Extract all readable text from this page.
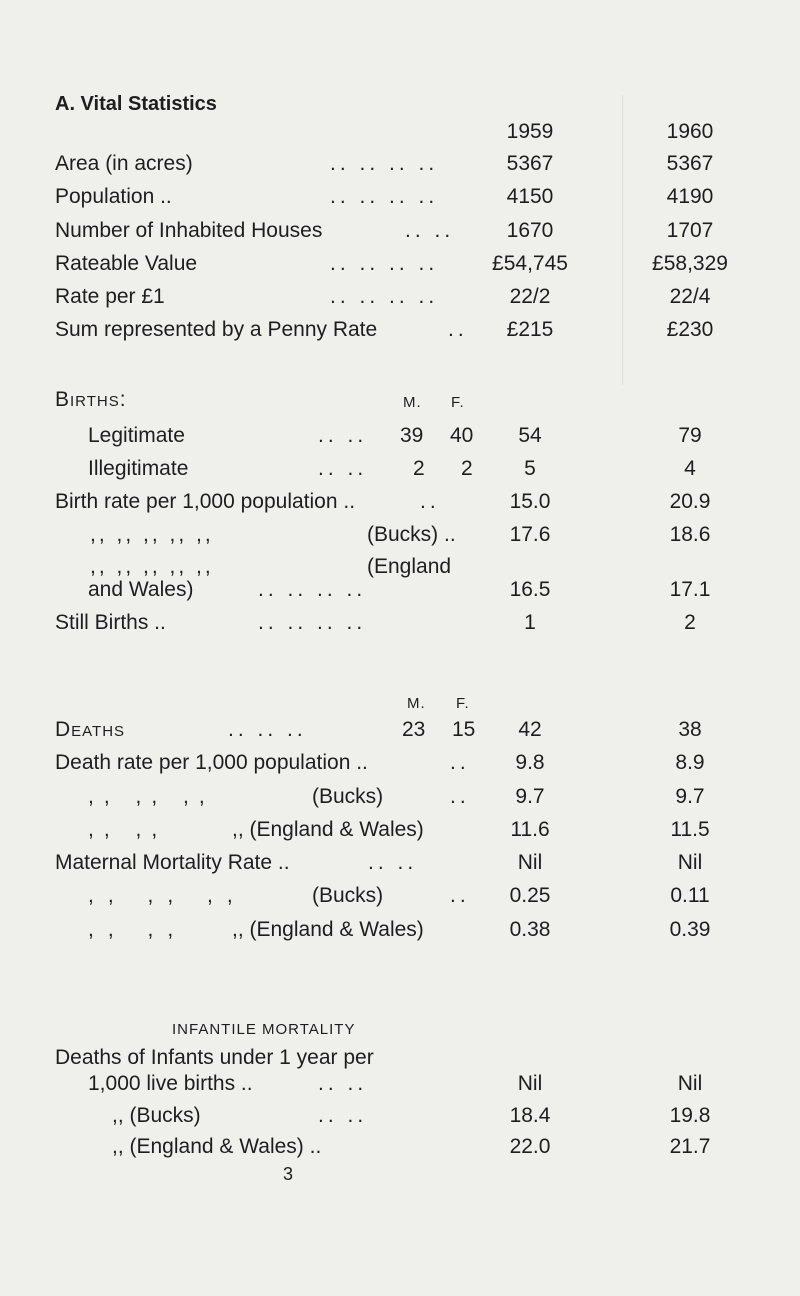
A. Vital Statistics
1959	1960
Area (in acres)	.. .. .. ..	5367	5367
Population ..	.. .. .. ..	4150	4190
Number of Inhabited Houses	.. ..	1670	1707
Rateable Value	.. .. .. ..	£54,745	£58,329
Rate per £1	.. .. .. ..	22/2	22/4
Sum represented by a Penny Rate	..	£215	£230
Births:	M. F.
Legitimate	.. .. 39 40	54	79
Illegitimate	.. .. 2 2	5	4
Birth rate per 1,000 population ..	..	15.0	20.9
,, ,, ,, ,, ,,	(Bucks) ..	17.6	18.6
,, ,, ,, ,, ,,	(England
and Wales)	.. .. .. ..	16.5	17.1
Still Births ..	.. .. .. ..	1	2
M. F.
Deaths	.. .. ..	23 15	42	38
Death rate per 1,000 population ..	..	9.8	8.9
,, ,, ,,	(Bucks)	..	9.7	9.7
,, ,,	,, (England & Wales)	11.6	11.5
Maternal Mortality Rate ..	.. ..	Nil	Nil
,, ,, ,,	(Bucks)	..	0.25	0.11
,, ,, ,, (England & Wales)	0.38	0.39
INFANTILE MORTALITY
Deaths of Infants under 1 year per
1,000 live births ..	.. ..	Nil	Nil
,, (Bucks)	.. ..	18.4	19.8
,, (England & Wales) ..	22.0	21.7
3
